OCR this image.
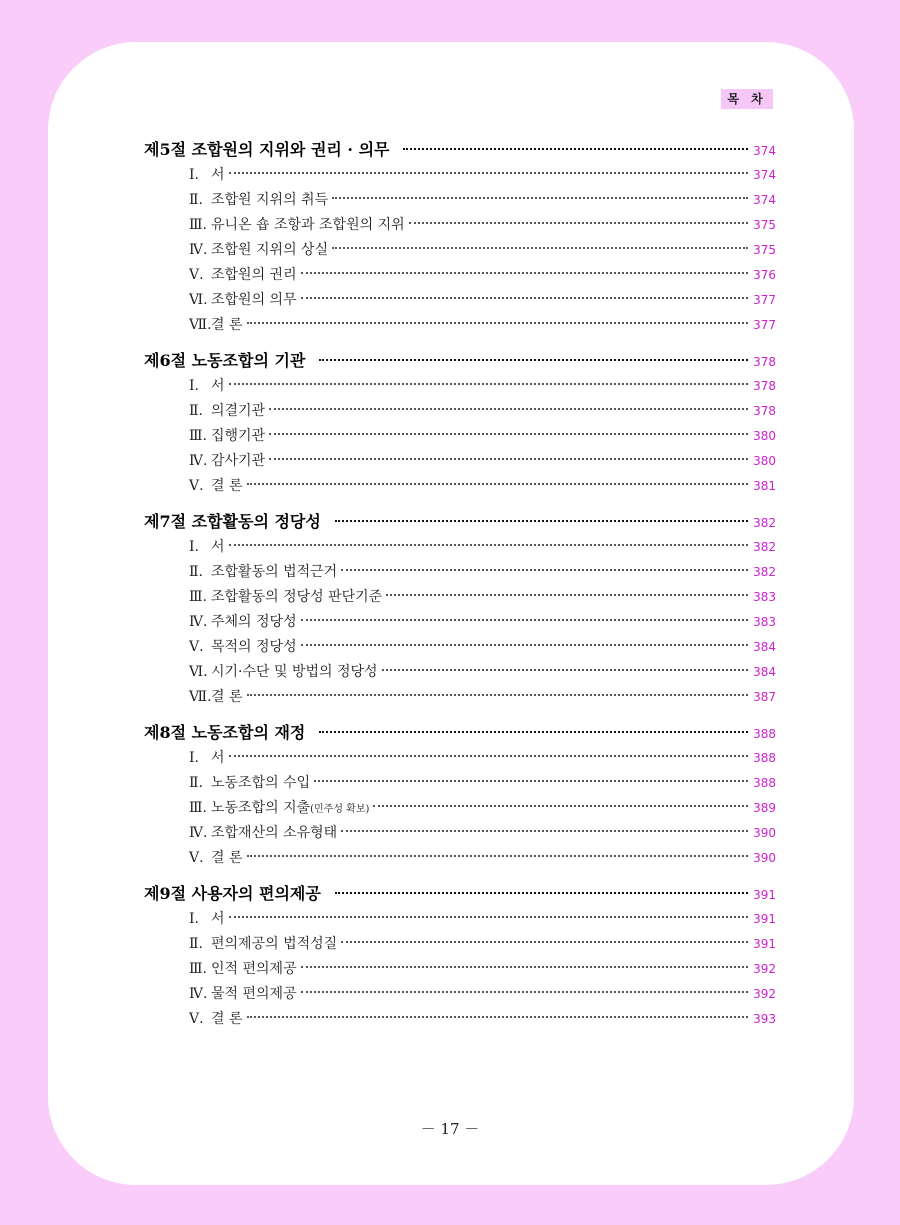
목 차
제5절 조합원의 지위와 권리 · 의무	374
Ⅰ. 서	374
Ⅱ. 조합원 지위의 취득	374
Ⅲ. 유니온 숍 조항과 조합원의 지위	375
Ⅳ. 조합원 지위의 상실	375
Ⅴ. 조합원의 권리	376
Ⅵ. 조합원의 의무	377
Ⅶ. 결 론	377
제6절 노동조합의 기관	378
Ⅰ. 서	378
Ⅱ. 의결기관	378
Ⅲ. 집행기관	380
Ⅳ. 감사기관	380
Ⅴ. 결 론	381
제7절 조합활동의 정당성	382
Ⅰ. 서	382
Ⅱ. 조합활동의 법적근거	382
Ⅲ. 조합활동의 정당성 판단기준	383
Ⅳ. 주체의 정당성	383
Ⅴ. 목적의 정당성	384
Ⅵ. 시기·수단 및 방법의 정당성	384
Ⅶ. 결 론	387
제8절 노동조합의 재정	388
Ⅰ. 서	388
Ⅱ. 노동조합의 수입	388
Ⅲ. 노동조합의 지출(민주성 확보)	389
Ⅳ. 조합재산의 소유형태	390
Ⅴ. 결 론	390
제9절 사용자의 편의제공	391
Ⅰ. 서	391
Ⅱ. 편의제공의 법적성질	391
Ⅲ. 인적 편의제공	392
Ⅳ. 물적 편의제공	392
Ⅴ. 결 론	393
－ 17 －
